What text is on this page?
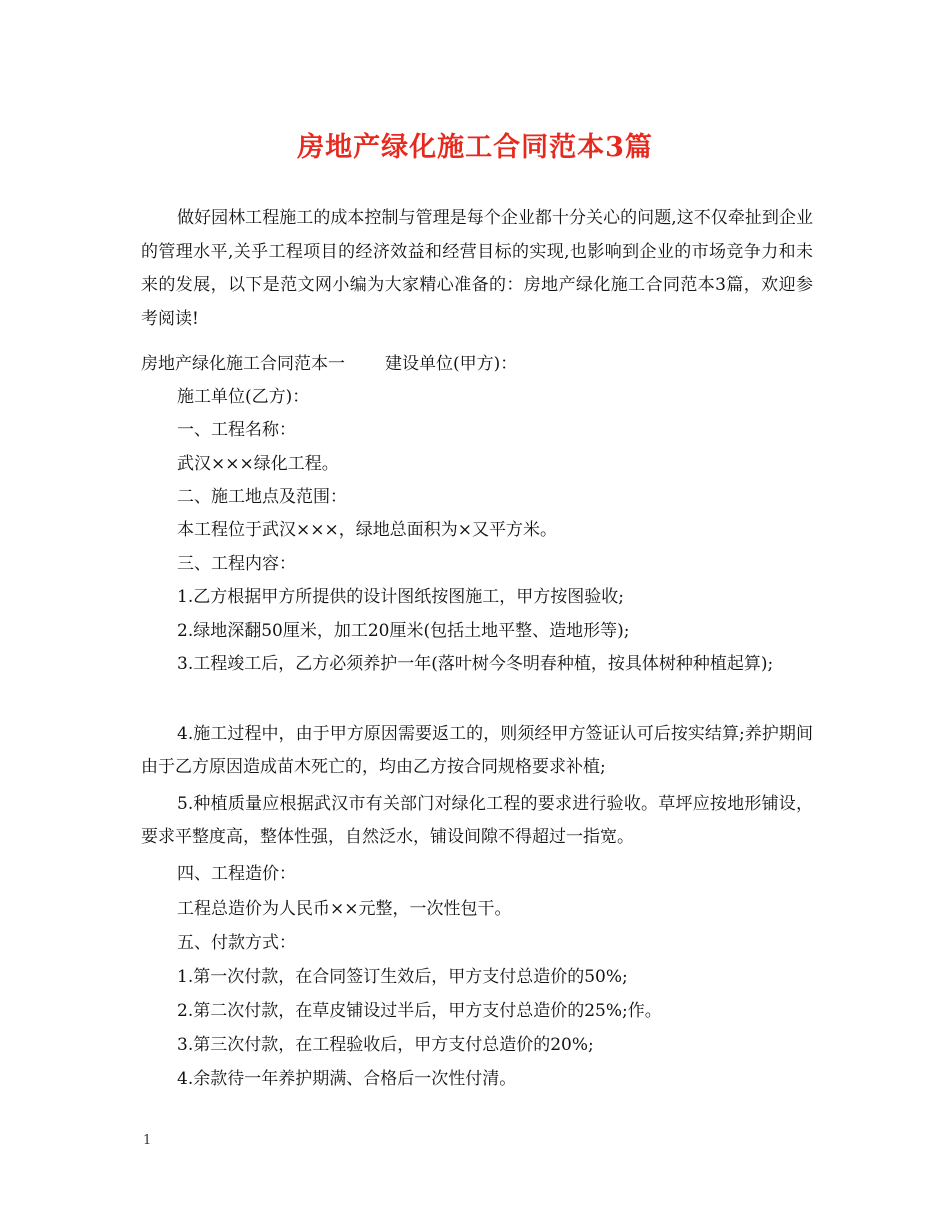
房地产绿化施工合同范本3篇
做好园林工程施工的成本控制与管理是每个企业都十分关心的问题,这不仅牵扯到企业的管理水平,关乎工程项目的经济效益和经营目标的实现,也影响到企业的市场竞争力和未来的发展，以下是范文网小编为大家精心准备的：房地产绿化施工合同范本3篇，欢迎参考阅读!
房地产绿化施工合同范本一 建设单位(甲方)：
施工单位(乙方)：
一、工程名称：
武汉×××绿化工程。
二、施工地点及范围：
本工程位于武汉×××，绿地总面积为×又平方米。
三、工程内容：
1.乙方根据甲方所提供的设计图纸按图施工，甲方按图验收;
2.绿地深翻50厘米，加工20厘米(包括土地平整、造地形等);
3.工程竣工后，乙方必须养护一年(落叶树今冬明春种植，按具体树种种植起算);
4.施工过程中，由于甲方原因需要返工的，则须经甲方签证认可后按实结算;养护期间由于乙方原因造成苗木死亡的，均由乙方按合同规格要求补植;
5.种植质量应根据武汉市有关部门对绿化工程的要求进行验收。草坪应按地形铺设，要求平整度高，整体性强，自然泛水，铺设间隙不得超过一指宽。
四、工程造价：
工程总造价为人民币××元整，一次性包干。
五、付款方式：
1.第一次付款，在合同签订生效后，甲方支付总造价的50%;
2.第二次付款，在草皮铺设过半后，甲方支付总造价的25%;作。
3.第三次付款，在工程验收后，甲方支付总造价的20%;
4.余款待一年养护期满、合格后一次性付清。
1
